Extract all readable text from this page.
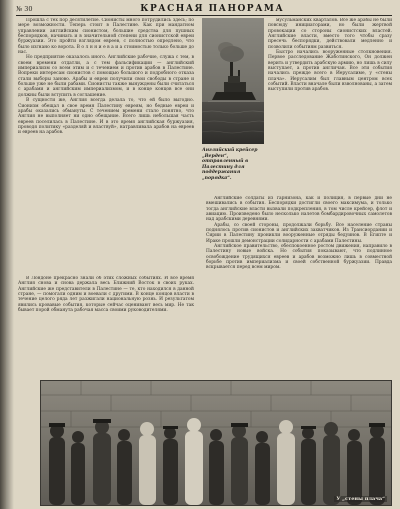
№ 30	КРАСНАЯ ПАНОРАМА

Прошла с тех пор десятилетие. Сионисты много потрудились здесь; по мере возможности. Теперь стоит в Палестине. Как при мандатном управлении английским сионистом, большие средства для пушных беспорядков, начинать и в значительной степени для сионистской евреи буржуазии. Это пройти взглядом евреев, с полностью опредлено, что было изгнано ко ворота. В о л н н и е в а и а стоимостью только больше до нас.

Но предприятие оказалось иного. Английские рабочие, служа с тем, в своем времени отдатли, а с тем фальсификации — английский империализм со всем этим и с течением и против арабов в Палестине. Вопреки интересам сионистов с помощью большого и подробного отказа стали выборы заново. Арабы и евреи получили свои свободы в стране и больше уже не были рабами. Сионисты также вынуждены были считаться с арабами и английским империализмом, и в конце концов все они должны были вступить в соглашение.

В сущности же, Англия всегда делала то, что ей было выгодно. Сионизм обещал в свое время Палестину евреям, но бедные евреи и арабы оказались обмануты. С течением времени стало понятно, что Англия не выполняет ни одно обещание. Всего лишь небольшая часть евреев поселилась в Палестине. И в это время английская буржуазия, проводя политику «разделяй и властвуй», натравливала арабов на евреев и евреев на арабов.

Английский крейсер „Верден“, отправленный в Палестину для поддержания „порядка“.

мусульманских кварталов. Все же арабы не были повсюду инициаторами, но были жертвой провокации со стороны сионистских властей. Английские власти, вместо того чтобы сразу пресечь беспорядки, действовали медленно и позволили событиям развиться.

Быстро начались вооруженные столкновения. Первое расследование Жаботинского, Он должен верить и утвердить арабскую армию, но лишь в силу выступает, а против англичан. Все эти события начались прежде всего в Иерусалиме, у «стены плача». Иерусалим был главным центром всех событий. Власти вначале были взволнованы, а затем выступили против арабов.

В Лондоне прекрасно знали об этих сложных событиях. И все время Англия снова и снова держала весь Ближний Восток в своих руках. Английские же представители в Палестине — те, кто находился в данной стране, — помогали одним и воевали с другими. В конце концов власти в течение целого ряда лет разжигали национальную рознь. И результатом явились кровавые события, которые сейчас оценивают весь мир. Не так бывает порой обманута рабочая масса своими руководителями.

Английские солдаты из гарнизона, как и полиция, в первые дни не вмешивались в события. Беспорядки достигли своего максимума, и только тогда английские власти вызвали подкрепления, в том числе крейсер, флот и авиацию. Произведено было несколько налетов бомбардировочных самолетов над арабскими деревнями.

Арабы, со своей стороны, продолжали борьбу. Все население страны поднялось против сионистов и английских захватчиков. Из Трансиордании и Сирии в Палестину проникли вооруженные отряды бедуинов. В Египте и Ираке прошли демонстрации солидарности с арабами Палестины.

Английское правительство, обеспокоенное ростом движения, направило в Палестину новые войска. Но события показывают, что подлинное освобождение трудящихся евреев и арабов возможно лишь в совместной борьбе против империализма и своей собственной буржуазии. Правда вскрывается перед всем миром.

У „стены плача“
